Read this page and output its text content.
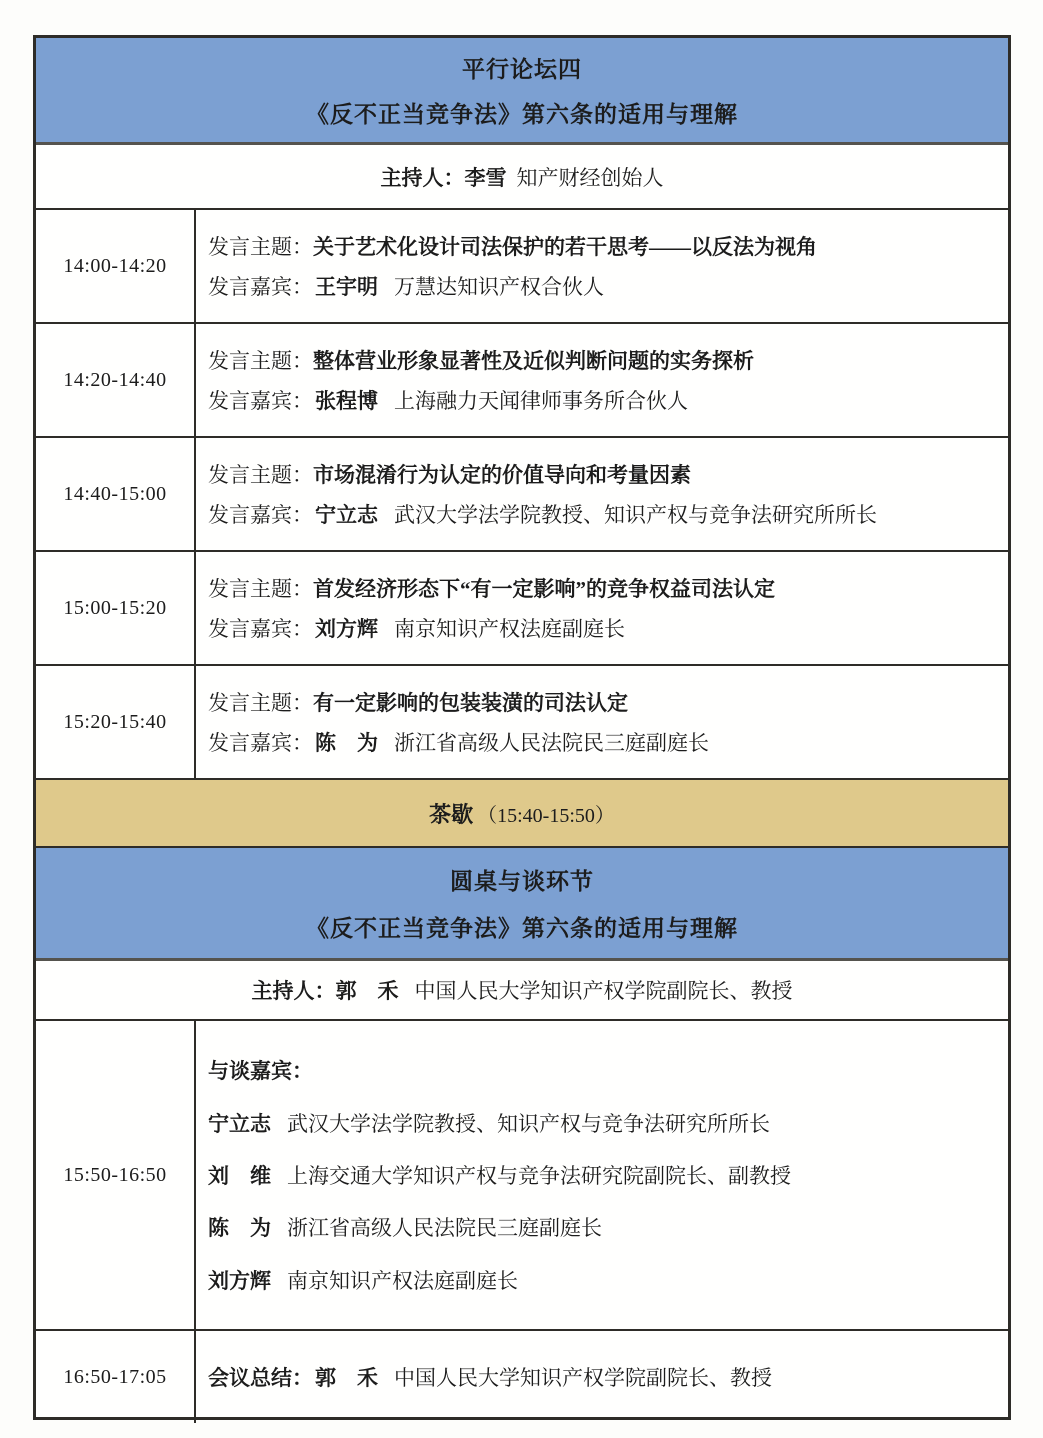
平行论坛四
《反不正当竞争法》第六条的适用与理解
主持人： 李雪 知产财经创始人
14:00-14:20
发言主题：关于艺术化设计司法保护的若干思考——以反法为视角
发言嘉宾：王宇明 万慧达知识产权合伙人
14:20-14:40
发言主题：整体营业形象显著性及近似判断问题的实务探析
发言嘉宾：张程博 上海融力天闻律师事务所合伙人
14:40-15:00
发言主题：市场混淆行为认定的价值导向和考量因素
发言嘉宾：宁立志 武汉大学法学院教授、知识产权与竞争法研究所所长
15:00-15:20
发言主题：首发经济形态下“有一定影响”的竞争权益司法认定
发言嘉宾：刘方辉 南京知识产权法庭副庭长
15:20-15:40
发言主题：有一定影响的包装装潢的司法认定
发言嘉宾：陈　为 浙江省高级人民法院民三庭副庭长
茶歇 （15:40-15:50）
圆桌与谈环节
《反不正当竞争法》第六条的适用与理解
主持人： 郭　禾 中国人民大学知识产权学院副院长、教授
15:50-16:50
与谈嘉宾：
宁立志 武汉大学法学院教授、知识产权与竞争法研究所所长
刘　维 上海交通大学知识产权与竞争法研究院副院长、副教授
陈　为 浙江省高级人民法院民三庭副庭长
刘方辉 南京知识产权法庭副庭长
16:50-17:05	会议总结：郭　禾 中国人民大学知识产权学院副院长、教授
